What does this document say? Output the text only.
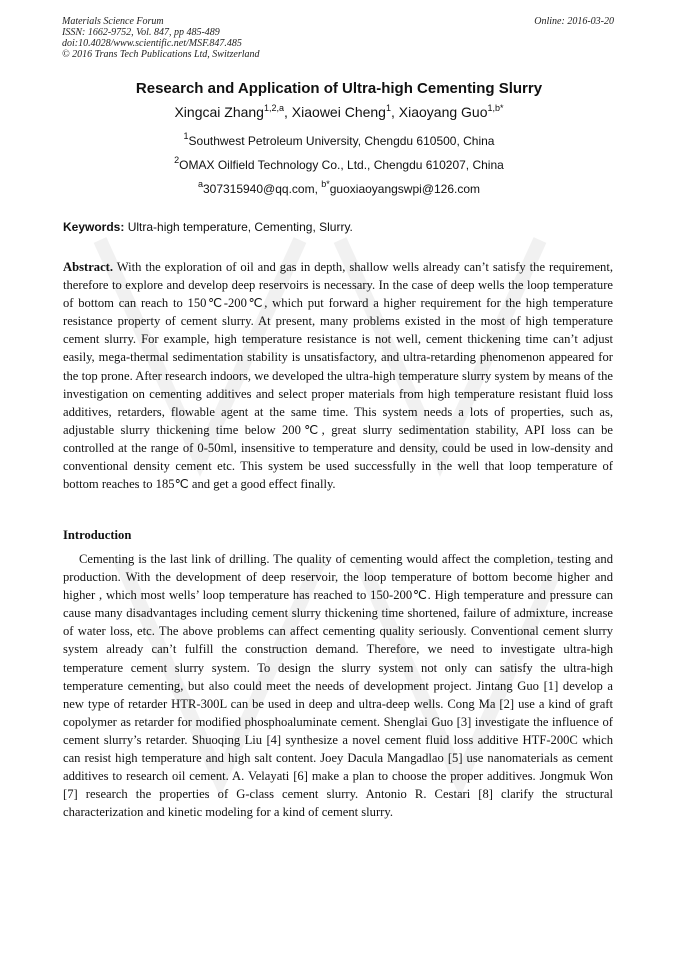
Materials Science Forum
ISSN: 1662-9752, Vol. 847, pp 485-489
doi:10.4028/www.scientific.net/MSF.847.485
© 2016 Trans Tech Publications Ltd, Switzerland
Online: 2016-03-20
Research and Application of Ultra-high Cementing Slurry
Xingcai Zhang$^{1,2,a}$, Xiaowei Cheng$^1$, Xiaoyang Guo$^{1,b*}$
$^1$Southwest Petroleum University, Chengdu 610500, China
$^2$OMAX Oilfield Technology Co., Ltd., Chengdu 610207, China
$^a$307315940@qq.com, $^{b*}$guoxiaoyangswpi@126.com
Keywords: Ultra-high temperature, Cementing, Slurry.
Abstract. With the exploration of oil and gas in depth, shallow wells already can’t satisfy the requirement, therefore to explore and develop deep reservoirs is necessary. In the case of deep wells the loop temperature of bottom can reach to 150℃-200℃, which put forward a higher requirement for the high temperature resistance property of cement slurry. At present, many problems existed in the most of high temperature cement slurry. For example, high temperature resistance is not well, cement thickening time can’t adjust easily, mega-thermal sedimentation stability is unsatisfactory, and ultra-retarding phenomenon appeared for the top prone. After research indoors, we developed the ultra-high temperature slurry system by means of the investigation on cementing additives and select proper materials from high temperature resistant fluid loss additives, retarders, flowable agent at the same time. This system needs a lots of properties, such as, adjustable slurry thickening time below 200℃, great slurry sedimentation stability, API loss can be controlled at the range of 0-50ml, insensitive to temperature and density, could be used in low-density and conventional density cement etc. This system be used successfully in the well that loop temperature of bottom reaches to 185℃ and get a good effect finally.
Introduction
Cementing is the last link of drilling. The quality of cementing would affect the completion, testing and production. With the development of deep reservoir, the loop temperature of bottom become higher and higher , which most wells’ loop temperature has reached to 150-200℃. High temperature and pressure can cause many disadvantages including cement slurry thickening time shortened, failure of admixture, increase of water loss, etc. The above problems can affect cementing quality seriously. Conventional cement slurry system already can’t fulfill the construction demand. Therefore, we need to investigate ultra-high temperature cement slurry system. To design the slurry system not only can satisfy the ultra-high temperature cementing, but also could meet the needs of development project. Jintang Guo [1] develop a new type of retarder HTR-300L can be used in deep and ultra-deep wells. Cong Ma [2] use a kind of graft copolymer as retarder for modified phosphoaluminate cement. Shenglai Guo [3] investigate the influence of cement slurry’s retarder. Shuoqing Liu [4] synthesize a novel cement fluid loss additive HTF-200C which can resist high temperature and high salt content. Joey Dacula Mangadlao [5] use nanomaterials as cement additives to research oil cement. A. Velayati [6] make a plan to choose the proper additives. Jongmuk Won [7] research the properties of G-class cement slurry. Antonio R. Cestari [8] clarify the structural characterization and kinetic modeling for a kind of cement slurry.
